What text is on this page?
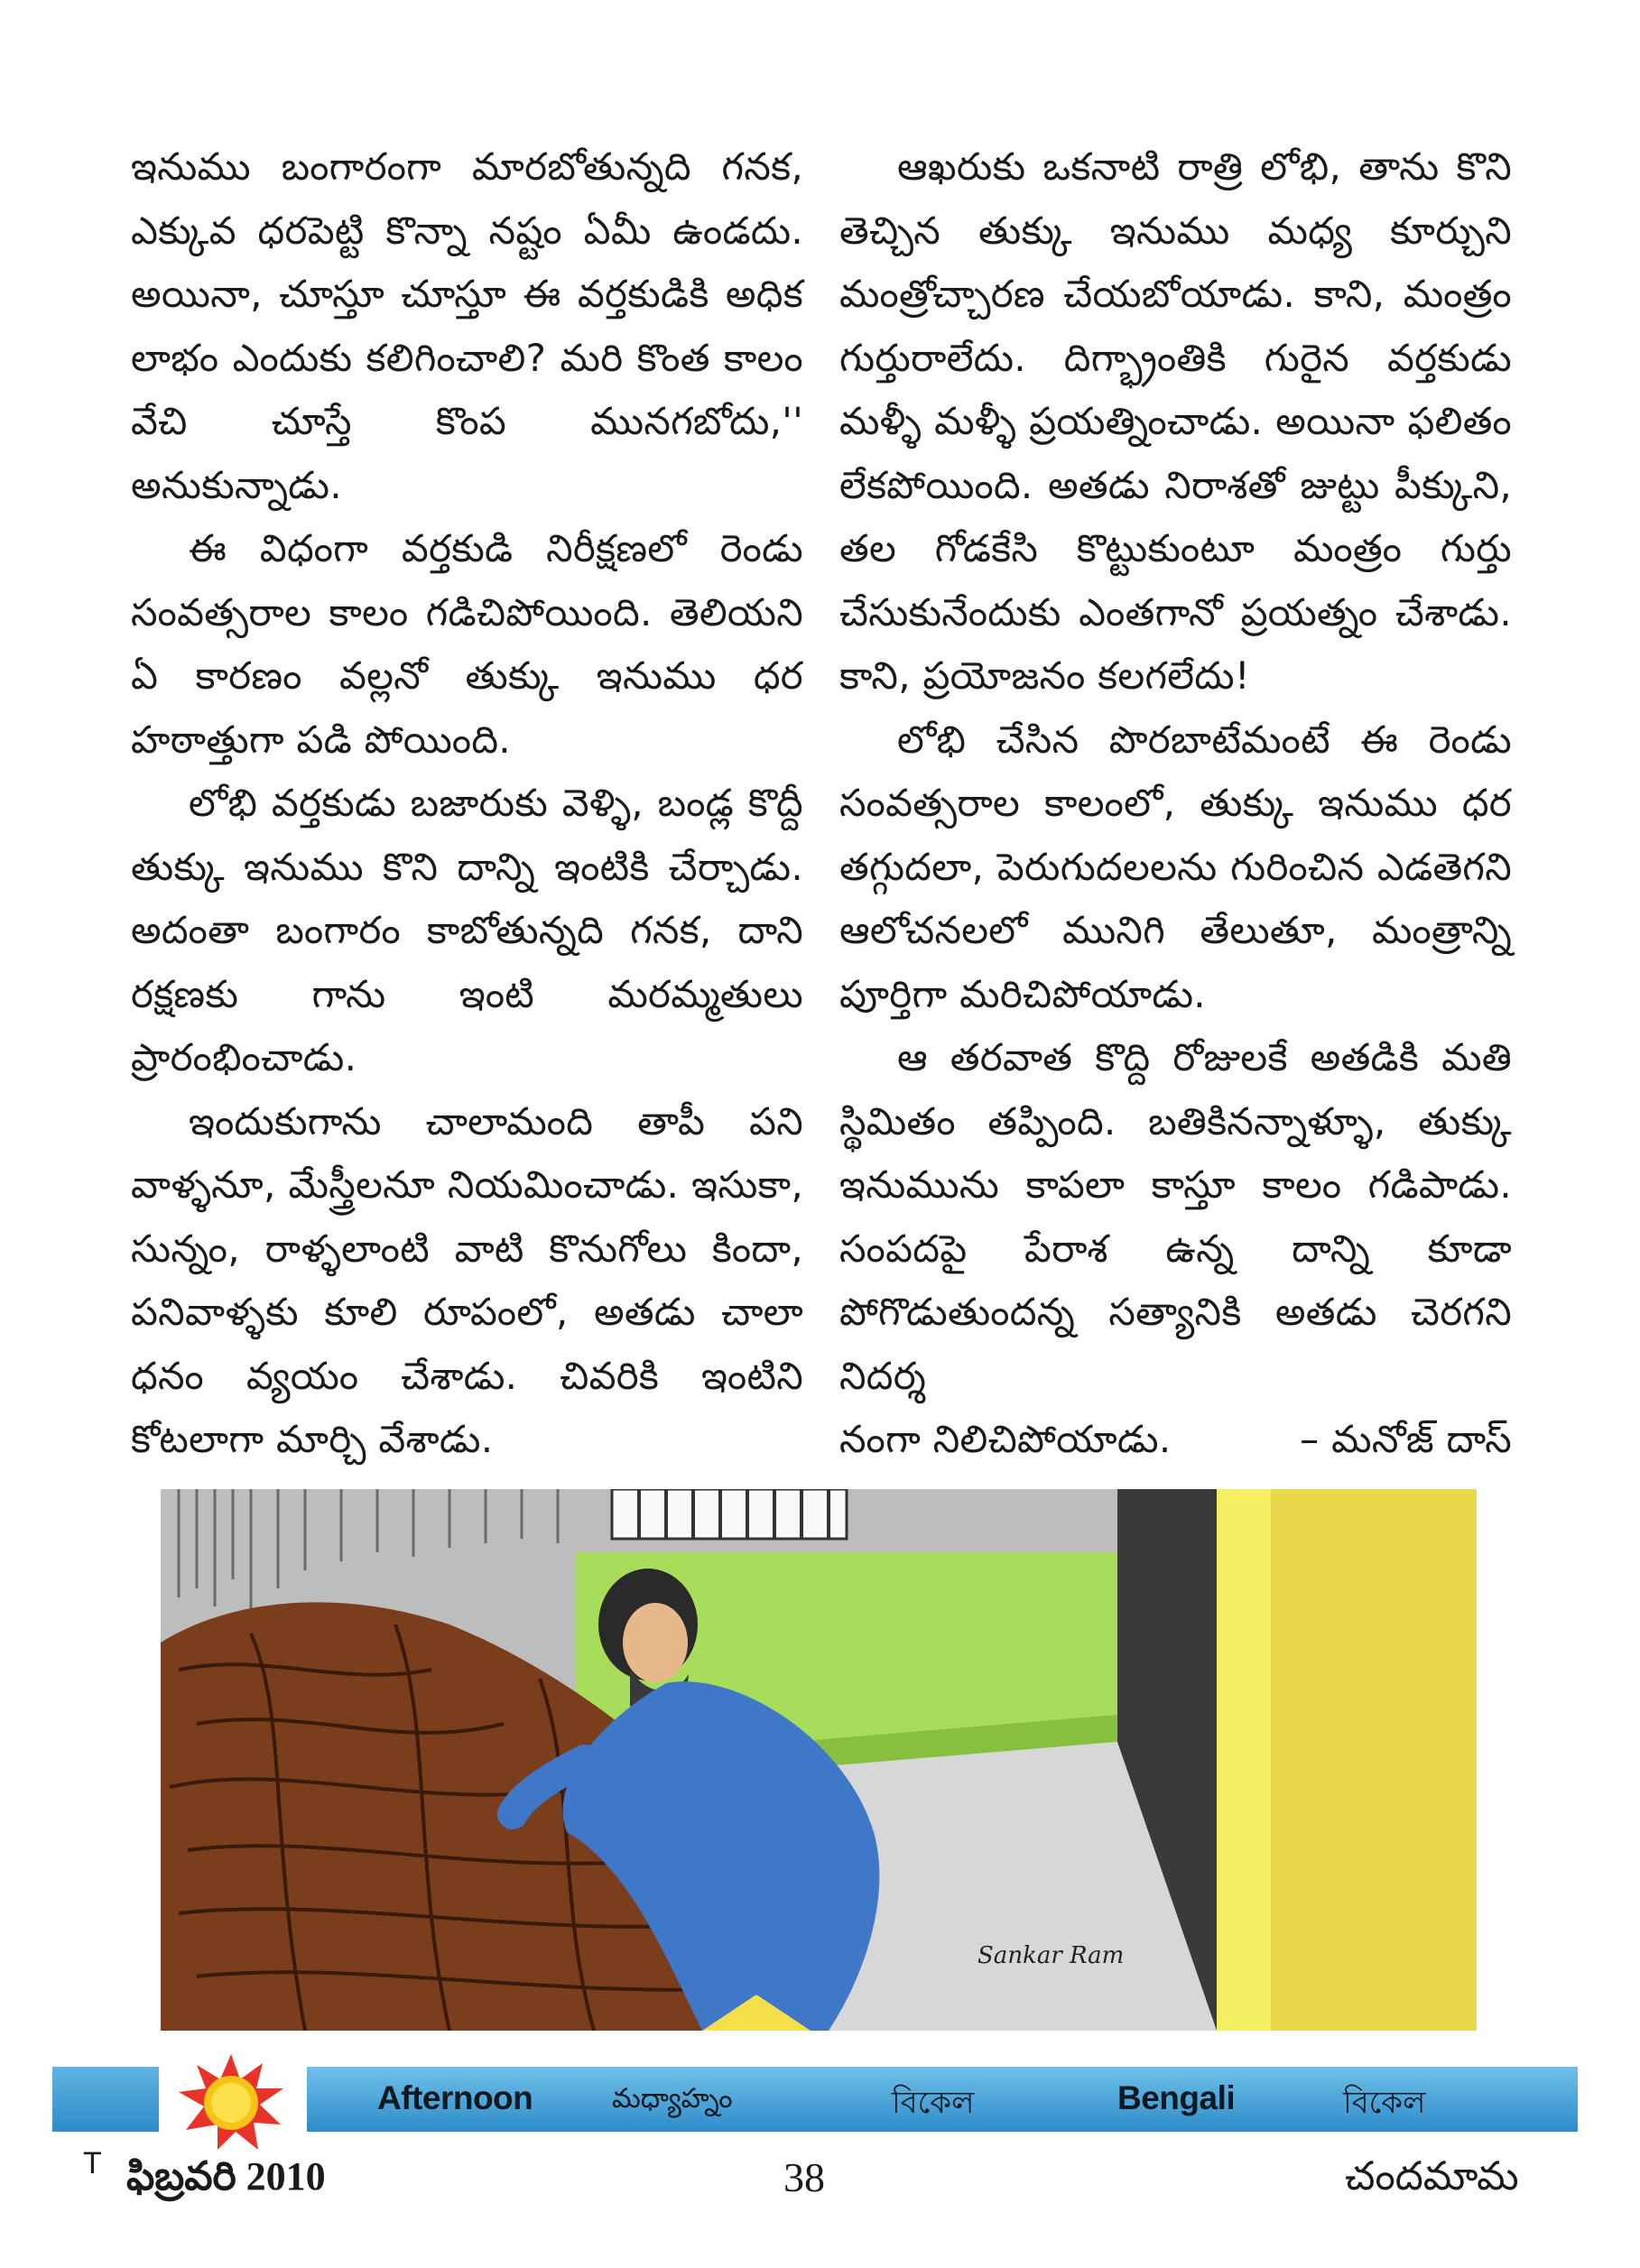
ఇనుము బంగారంగా మారబోతున్నది గనక, ఎక్కువ ధరపెట్టి కొన్నా నష్టం ఏమీ ఉండదు. అయినా, చూస్తూ చూస్తూ ఈ వర్తకుడికి అధిక లాభం ఎందుకు కలిగించాలి? మరి కొంత కాలం వేచి చూస్తే కొంప మునగబోదు,'' అనుకున్నాడు.

ఈ విధంగా వర్తకుడి నిరీక్షణలో రెండు సంవత్సరాల కాలం గడిచిపోయింది. తెలియని ఏ కారణం వల్లనో తుక్కు ఇనుము ధర హఠాత్తుగా పడి పోయింది.

లోభి వర్తకుడు బజారుకు వెళ్ళి, బండ్ల కొద్దీ తుక్కు ఇనుము కొని దాన్ని ఇంటికి చేర్చాడు. అదంతా బంగారం కాబోతున్నది గనక, దాని రక్షణకు గాను ఇంటి మరమ్మతులు ప్రారంభించాడు.

ఇందుకుగాను చాలామంది తాపీ పని వాళ్ళనూ, మేస్త్రీలనూ నియమించాడు. ఇసుకా, సున్నం, రాళ్ళలాంటి వాటి కొనుగోలు కిందా, పనివాళ్ళకు కూలి రూపంలో, అతడు చాలా ధనం వ్యయం చేశాడు. చివరికి ఇంటిని కోటలాగా మార్చి వేశాడు.

ఆఖరుకు ఒకనాటి రాత్రి లోభి, తాను కొని తెచ్చిన తుక్కు ఇనుము మధ్య కూర్చుని మంత్రోచ్చారణ చేయబోయాడు. కాని, మంత్రం గుర్తురాలేదు. దిగ్భ్రాంతికి గురైన వర్తకుడు మళ్ళీ మళ్ళీ ప్రయత్నించాడు. అయినా ఫలితం లేకపోయింది. అతడు నిరాశతో జుట్టు పీక్కుని, తల గోడకేసి కొట్టుకుంటూ మంత్రం గుర్తు చేసుకునేందుకు ఎంతగానో ప్రయత్నం చేశాడు. కాని, ప్రయోజనం కలగలేదు!

లోభి చేసిన పొరబాటేమంటే ఈ రెండు సంవత్సరాల కాలంలో, తుక్కు ఇనుము ధర తగ్గుదలా, పెరుగుదలలను గురించిన ఎడతెగని ఆలోచనలలో మునిగి తేలుతూ, మంత్రాన్ని పూర్తిగా మరిచిపోయాడు.

ఆ తరవాత కొద్ది రోజులకే అతడికి మతి స్థిమితం తప్పింది. బతికినన్నాళ్ళూ, తుక్కు ఇనుమును కాపలా కాస్తూ కాలం గడిపాడు. సంపదపై పేరాశ ఉన్న దాన్ని కూడా పోగొడుతుందన్న సత్యానికి అతడు చెరగని నిదర్శ

నంగా నిలిచిపోయాడు.	– మనోజ్ దాస్
Sankar Ram
Afternoon	మధ్యాహ్నం	বিকেল	Bengali	বিকেল
T ఫిబ్రవరి 2010	38	చందమామ
